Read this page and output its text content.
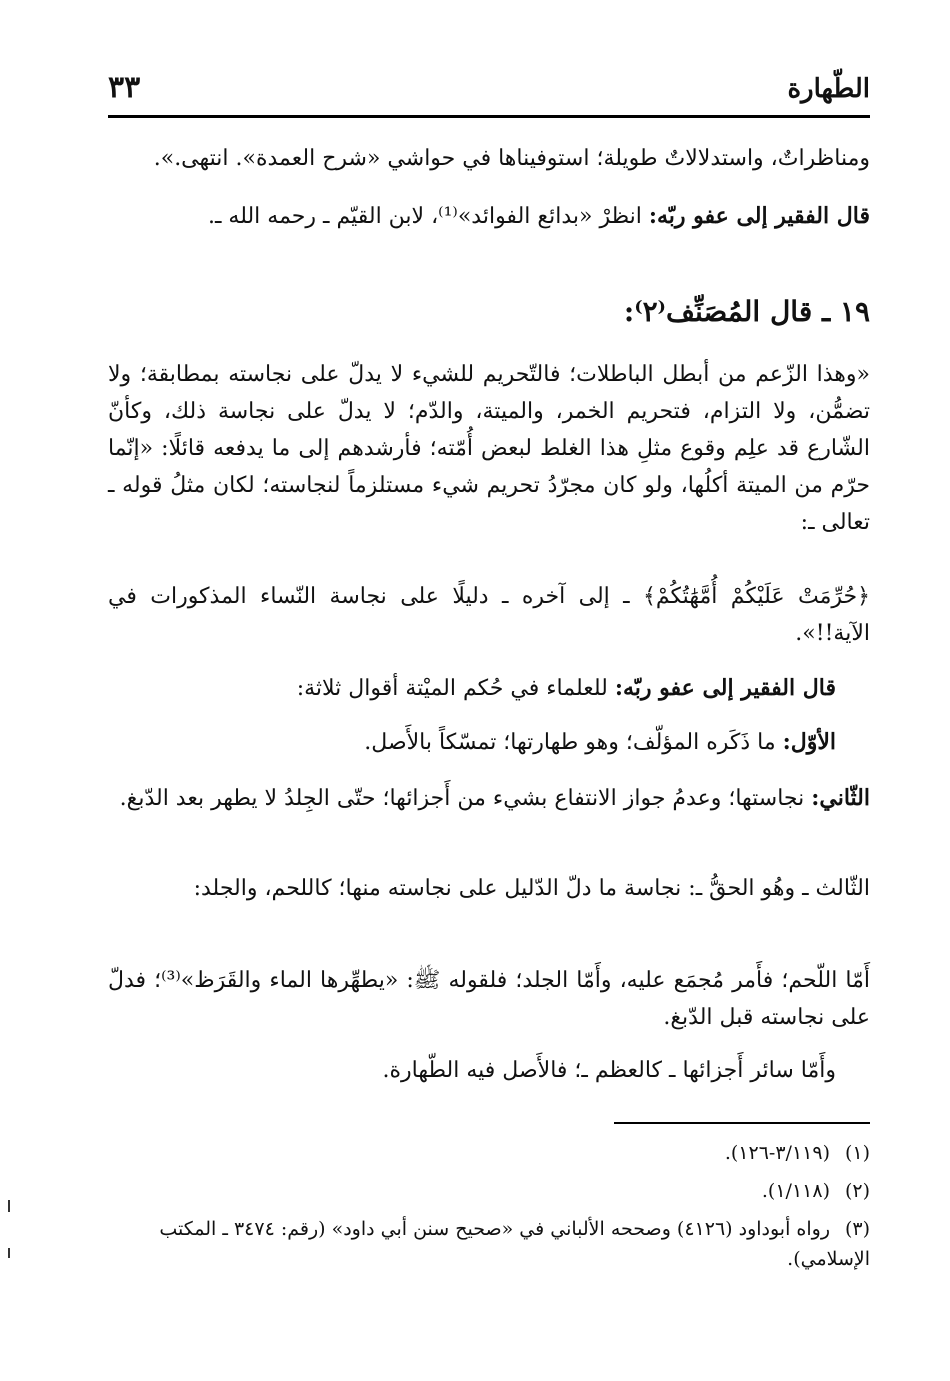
الطّهارة
٣٣
ومناظراتٌ، واستدلالاتٌ طويلة؛ استوفيناها في حواشي «شرح العمدة». انتهى.».
قال الفقير إلى عفو ربّه: انظرْ «بدائع الفوائد»⁽¹⁾، لابن القيّم ـ رحمه الله ـ.
١٩ ـ قال المُصَنِّف⁽٢⁾:
«وهذا الزّعم من أبطل الباطلات؛ فالتّحريم للشيء لا يدلّ على نجاسته بمطابقة؛ ولا تضمُّن، ولا التزام، فتحريم الخمر، والميتة، والدّم؛ لا يدلّ على نجاسة ذلك، وكأنّ الشّارع قد علِم وقوع مثلِ هذا الغلط لبعض أُمّته؛ فأرشدهم إلى ما يدفعه قائلًا: «إنّما حرّم من الميتة أكلُها، ولو كان مجرّدُ تحريم شيء مستلزماً لنجاسته؛ لكان مثلُ قوله ـ تعالى ـ:
﴿حُرِّمَتْ عَلَيْكُمْ أُمَّهَٰتُكُمْ﴾ ـ إلى آخره ـ دليلًا على نجاسة النّساء المذكورات في الآية!!».
قال الفقير إلى عفو ربّه: للعلماء في حُكم الميْتة أقوال ثلاثة:
الأوّل: ما ذَكَره المؤلّف؛ وهو طهارتها؛ تمسّكاً بالأَصل.
الثّاني: نجاستها؛ وعدمُ جواز الانتفاع بشيء من أَجزائها؛ حتّى الجِلدُ لا يطهر بعد الدّبغ.
الثّالث ـ وهُو الحقُّ ـ: نجاسة ما دلّ الدّليل على نجاسته منها؛ كاللحم، والجلد:
أَمّا اللّحم؛ فأَمر مُجمَع عليه، وأَمّا الجلد؛ فلقوله ﷺ: «يطهِّرها الماء والقَرَظ»⁽³⁾؛ فدلّ على نجاسته قبل الدّبغ.
وأَمّا سائر أَجزائها ـ كالعظم ـ؛ فالأَصل فيه الطّهارة.
(١)(٣/١١٩-١٢٦).
(٢)(١/١١٨).
(٣)رواه أبوداود (٤١٢٦) وصححه الألباني في «صحيح سنن أبي داود» (رقم: ٣٤٧٤ ـ المكتب الإسلامي).
